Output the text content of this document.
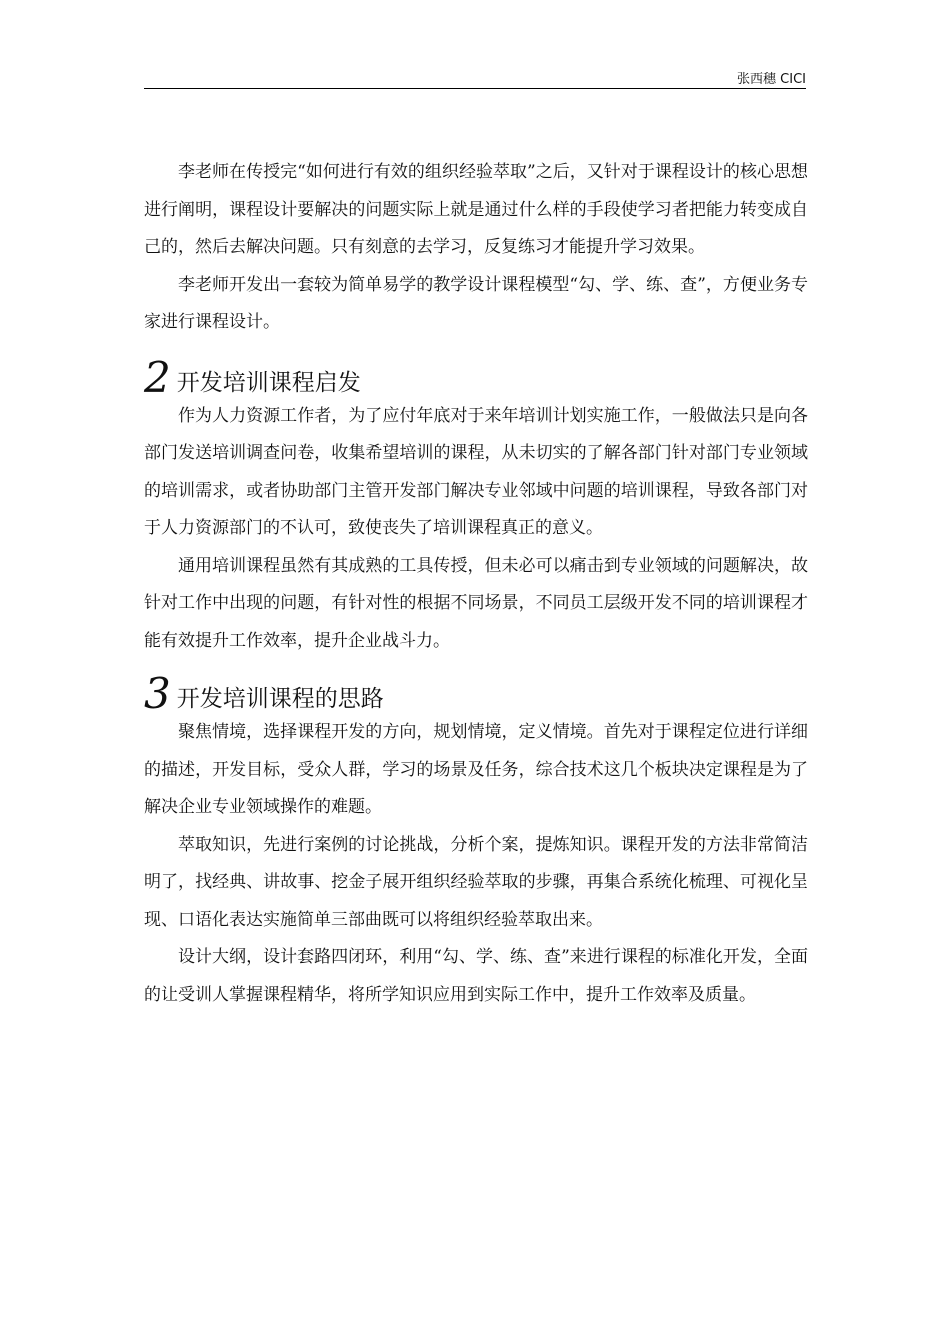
张西穗 CICI

李老师在传授完“如何进行有效的组织经验萃取”之后，又针对于课程设计的核心思想进行阐明，课程设计要解决的问题实际上就是通过什么样的手段使学习者把能力转变成自己的，然后去解决问题。只有刻意的去学习，反复练习才能提升学习效果。

李老师开发出一套较为简单易学的教学设计课程模型“勾、学、练、查”，方便业务专家进行课程设计。

2 开发培训课程启发

作为人力资源工作者，为了应付年底对于来年培训计划实施工作，一般做法只是向各部门发送培训调查问卷，收集希望培训的课程，从未切实的了解各部门针对部门专业领域的培训需求，或者协助部门主管开发部门解决专业邻域中问题的培训课程，导致各部门对于人力资源部门的不认可，致使丧失了培训课程真正的意义。

通用培训课程虽然有其成熟的工具传授，但未必可以痛击到专业领域的问题解决，故针对工作中出现的问题，有针对性的根据不同场景，不同员工层级开发不同的培训课程才能有效提升工作效率，提升企业战斗力。

3 开发培训课程的思路

聚焦情境，选择课程开发的方向，规划情境，定义情境。首先对于课程定位进行详细的描述，开发目标，受众人群，学习的场景及任务，综合技术这几个板块决定课程是为了解决企业专业领域操作的难题。

萃取知识，先进行案例的讨论挑战，分析个案，提炼知识。课程开发的方法非常简洁明了，找经典、讲故事、挖金子展开组织经验萃取的步骤，再集合系统化梳理、可视化呈现、口语化表达实施简单三部曲既可以将组织经验萃取出来。

设计大纲，设计套路四闭环，利用“勾、学、练、查”来进行课程的标准化开发，全面的让受训人掌握课程精华，将所学知识应用到实际工作中，提升工作效率及质量。
